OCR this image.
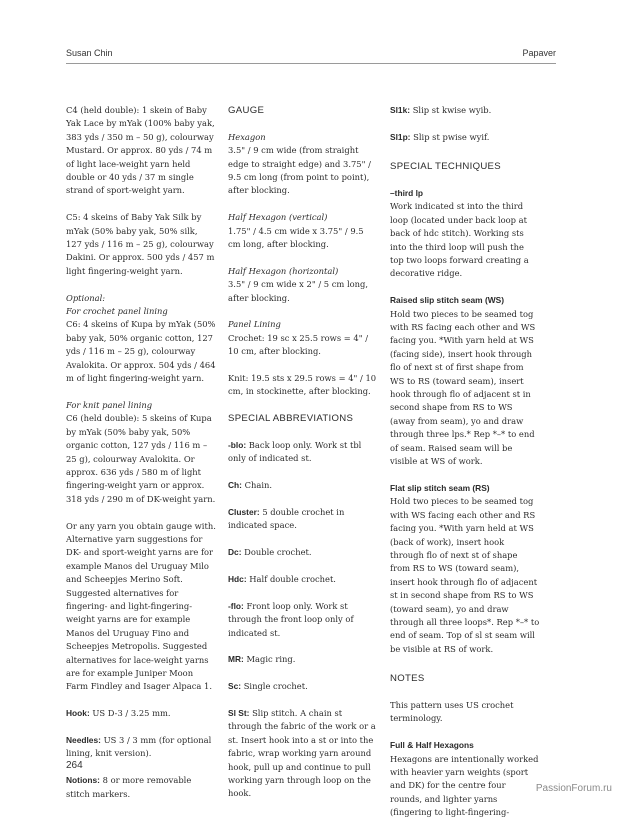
Susan Chin	Papaver

C4 (held double): 1 skein of Baby Yak Lace by mYak (100% baby yak, 383 yds / 350 m – 50 g), colourway Mustard. Or approx. 80 yds / 74 m of light lace-weight yarn held double or 40 yds / 37 m single strand of sport-weight yarn.

C5: 4 skeins of Baby Yak Silk by mYak (50% baby yak, 50% silk, 127 yds / 116 m – 25 g), colourway Dakini. Or approx. 500 yds / 457 m light fingering-weight yarn.

Optional:
For crochet panel lining

C6: 4 skeins of Kupa by mYak (50% baby yak, 50% organic cotton, 127 yds / 116 m – 25 g), colourway Avalokita. Or approx. 504 yds / 464 m of light fingering-weight yarn.

For knit panel lining

C6 (held double): 5 skeins of Kupa by mYak (50% baby yak, 50% organic cotton, 127 yds / 116 m – 25 g), colourway Avalokita. Or approx. 636 yds / 580 m of light fingering-weight yarn or approx. 318 yds / 290 m of DK-weight yarn.

Or any yarn you obtain gauge with. Alternative yarn suggestions for DK- and sport-weight yarns are for example Manos del Uruguay Milo and Scheepjes Merino Soft. Suggested alternatives for fingering- and light-fingering-weight yarns are for example Manos del Uruguay Fino and Scheepjes Metropolis. Suggested alternatives for lace-weight yarns are for example Juniper Moon Farm Findley and Isager Alpaca 1.

Hook: US D-3 / 3.25 mm.

Needles: US 3 / 3 mm (for optional lining, knit version).

Notions: 8 or more removable stitch markers.

GAUGE
Hexagon

3.5" / 9 cm wide (from straight edge to straight edge) and 3.75" / 9.5 cm long (from point to point), after blocking.

Half Hexagon (vertical)

1.75" / 4.5 cm wide x 3.75" / 9.5 cm long, after blocking.

Half Hexagon (horizontal)

3.5" / 9 cm wide x 2" / 5 cm long, after blocking.

Panel Lining

Crochet: 19 sc x 25.5 rows = 4" / 10 cm, after blocking.

Knit: 19.5 sts x 29.5 rows = 4" / 10 cm, in stockinette, after blocking.

SPECIAL ABBREVIATIONS

-blo: Back loop only. Work st tbl only of indicated st.

Ch: Chain.

Cluster: 5 double crochet in indicated space.

Dc: Double crochet.

Hdc: Half double crochet.

-flo: Front loop only. Work st through the front loop only of indicated st.

MR: Magic ring.

Sc: Single crochet.

Sl St: Slip stitch. A chain st through the fabric of the work or a st. Insert hook into a st or into the fabric, wrap working yarn around hook, pull up and continue to pull working yarn through loop on the hook.

Sl1k: Slip st kwise wyib.

Sl1p: Slip st pwise wyif.

SPECIAL TECHNIQUES
–third lp

Work indicated st into the third loop (located under back loop at back of hdc stitch). Working sts into the third loop will push the top two loops forward creating a decorative ridge.

Raised slip stitch seam (WS)

Hold two pieces to be seamed tog with RS facing each other and WS facing you. *With yarn held at WS (facing side), insert hook through flo of next st of first shape from WS to RS (toward seam), insert hook through flo of adjacent st in second shape from RS to WS (away from seam), yo and draw through three lps.* Rep *–* to end of seam. Raised seam will be visible at WS of work.

Flat slip stitch seam (RS)

Hold two pieces to be seamed tog with WS facing each other and RS facing you. *With yarn held at WS (back of work), insert hook through flo of next st of shape from RS to WS (toward seam), insert hook through flo of adjacent st in second shape from RS to WS (toward seam), yo and draw through all three loops*. Rep *–* to end of seam. Top of sl st seam will be visible at RS of work.

NOTES

This pattern uses US crochet terminology.

Full & Half Hexagons
Hexagons are intentionally worked with heavier yarn weights (sport and DK) for the centre four rounds, and lighter yarns (fingering to light-fingering-
264
PassionForum.ru
